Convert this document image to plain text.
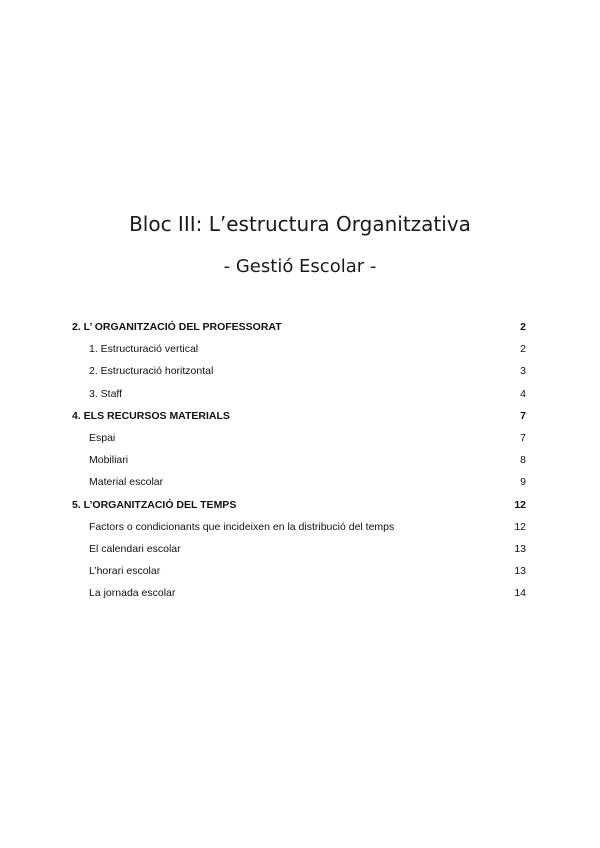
Bloc III: L’estructura Organitzativa
- Gestió Escolar -
2. L’ ORGANITZACIÓ DEL PROFESSORAT	2
1. Estructuració vertical	2
2. Estructuració horitzontal	3
3. Staff	4
4. ELS RECURSOS MATERIALS	7
Espai	7
Mobiliari	8
Material escolar	9
5. L’ORGANITZACIÓ DEL TEMPS	12
Factors o condicionants que incideixen en la distribució del temps	12
El calendari escolar	13
L’horari escolar	13
La jornada escolar	14
